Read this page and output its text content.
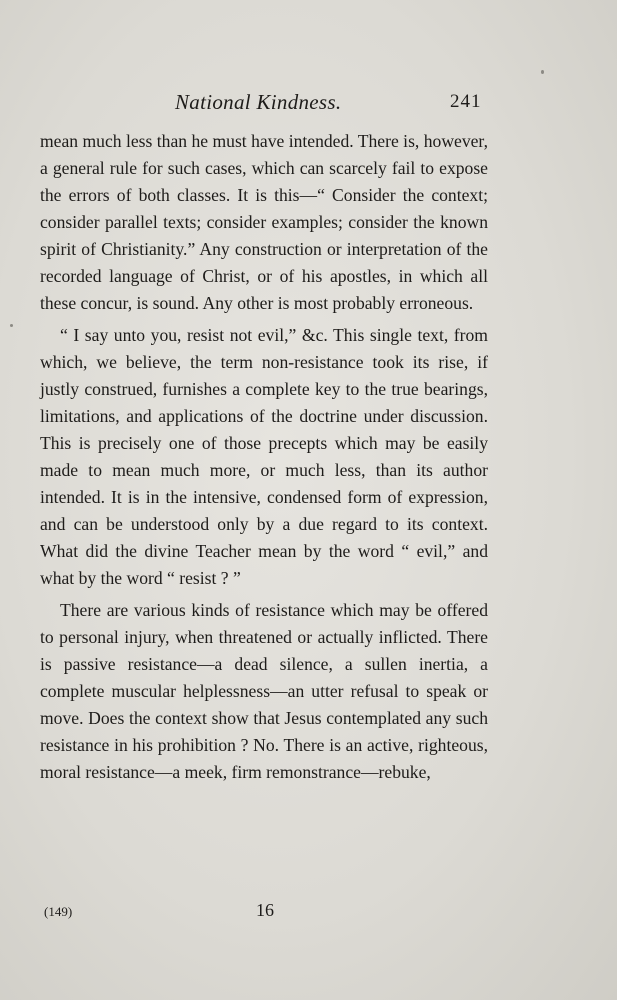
National Kindness.	241

mean much less than he must have intended. There is, however, a general rule for such cases, which can scarcely fail to expose the errors of both classes. It is this—“ Consider the context; consider parallel texts; consider examples; consider the known spirit of Christianity.” Any construction or interpretation of the recorded language of Christ, or of his apostles, in which all these concur, is sound. Any other is most probably erroneous.

“ I say unto you, resist not evil,” &c. This single text, from which, we believe, the term non-resistance took its rise, if justly construed, furnishes a complete key to the true bearings, limitations, and applications of the doctrine under discussion. This is precisely one of those precepts which may be easily made to mean much more, or much less, than its author intended. It is in the intensive, condensed form of expression, and can be understood only by a due regard to its context. What did the divine Teacher mean by the word “ evil,” and what by the word “ resist ? ”

There are various kinds of resistance which may be offered to personal injury, when threatened or actually inflicted. There is passive resistance—a dead silence, a sullen inertia, a complete muscular helplessness—an utter refusal to speak or move. Does the context show that Jesus contemplated any such resistance in his prohibition ? No. There is an active, righteous, moral resistance—a meek, firm remonstrance—rebuke,

(149)	16
